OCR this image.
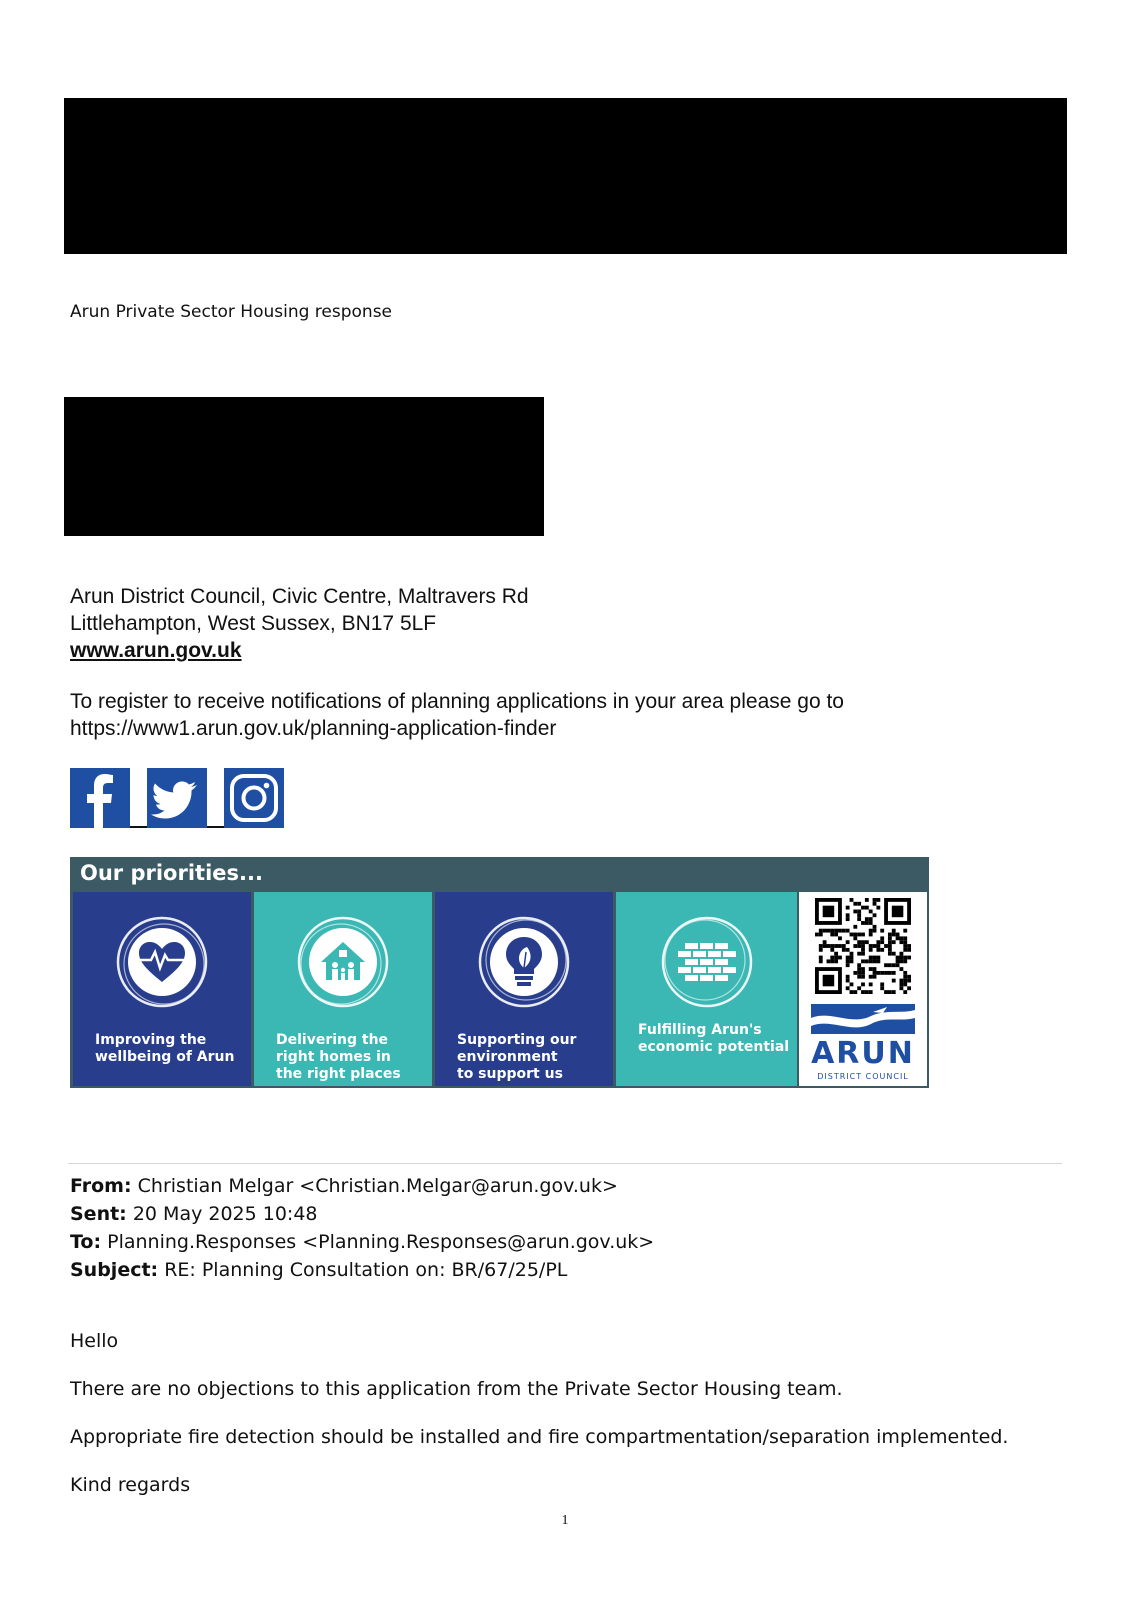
Arun Private Sector Housing response
Arun District Council, Civic Centre, Maltravers Rd
Littlehampton, West Sussex, BN17 5LF
www.arun.gov.uk
To register to receive notifications of planning applications in your area please go to
https://www1.arun.gov.uk/planning-application-finder
Our priorities...
Improving the
wellbeing of Arun
Delivering the
right homes in
the right places
Supporting our
environment
to support us
Fulfilling Arun's
economic potential ARUN
DISTRICT COUNCIL
From: Christian Melgar <Christian.Melgar@arun.gov.uk>
Sent: 20 May 2025 10:48
To: Planning.Responses <Planning.Responses@arun.gov.uk>
Subject: RE: Planning Consultation on: BR/67/25/PL
Hello
There are no objections to this application from the Private Sector Housing team.
Appropriate fire detection should be installed and fire compartmentation/separation implemented.
Kind regards
1
